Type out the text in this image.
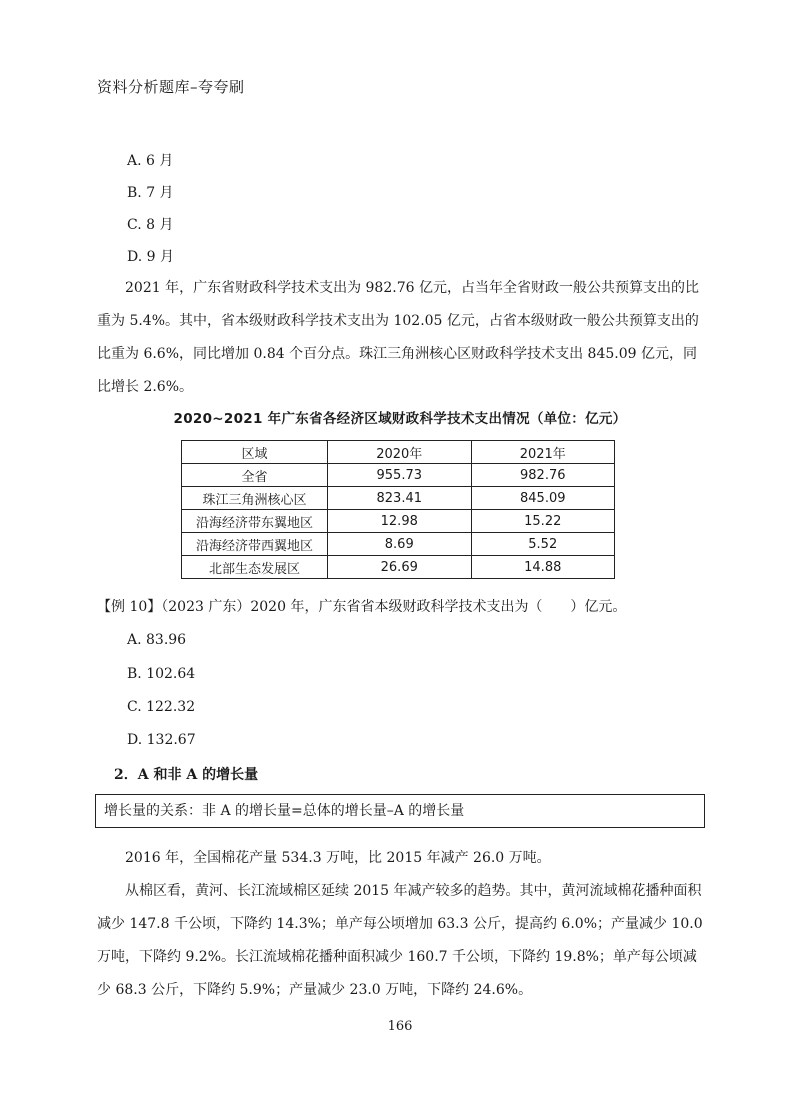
资料分析题库–夸夸刷
A. 6 月
B. 7 月
C. 8 月
D. 9 月

2021 年，广东省财政科学技术支出为 982.76 亿元，占当年全省财政一般公共预算支出的比重为 5.4%。其中，省本级财政科学技术支出为 102.05 亿元，占省本级财政一般公共预算支出的比重为 6.6%，同比增加 0.84 个百分点。珠江三角洲核心区财政科学技术支出 845.09 亿元，同比增长 2.6%。

2020~2021 年广东省各经济区域财政科学技术支出情况（单位：亿元）
区域	2020年	2021年
全省	955.73	982.76
珠江三角洲核心区	823.41	845.09
沿海经济带东翼地区	12.98	15.22
沿海经济带西翼地区	8.69	5.52
北部生态发展区	26.69	14.88
【例 10】（2023 广东）2020 年，广东省省本级财政科学技术支出为（　　）亿元。
A. 83.96
B. 102.64
C. 122.32
D. 132.67
2．A 和非 A 的增长量
增长量的关系：非 A 的增长量=总体的增长量–A 的增长量

2016 年，全国棉花产量 534.3 万吨，比 2015 年减产 26.0 万吨。

从棉区看，黄河、长江流域棉区延续 2015 年减产较多的趋势。其中，黄河流域棉花播种面积减少 147.8 千公顷，下降约 14.3%；单产每公顷增加 63.3 公斤，提高约 6.0%；产量减少 10.0 万吨，下降约 9.2%。长江流域棉花播种面积减少 160.7 千公顷，下降约 19.8%；单产每公顷减少 68.3 公斤，下降约 5.9%；产量减少 23.0 万吨，下降约 24.6%。

166
